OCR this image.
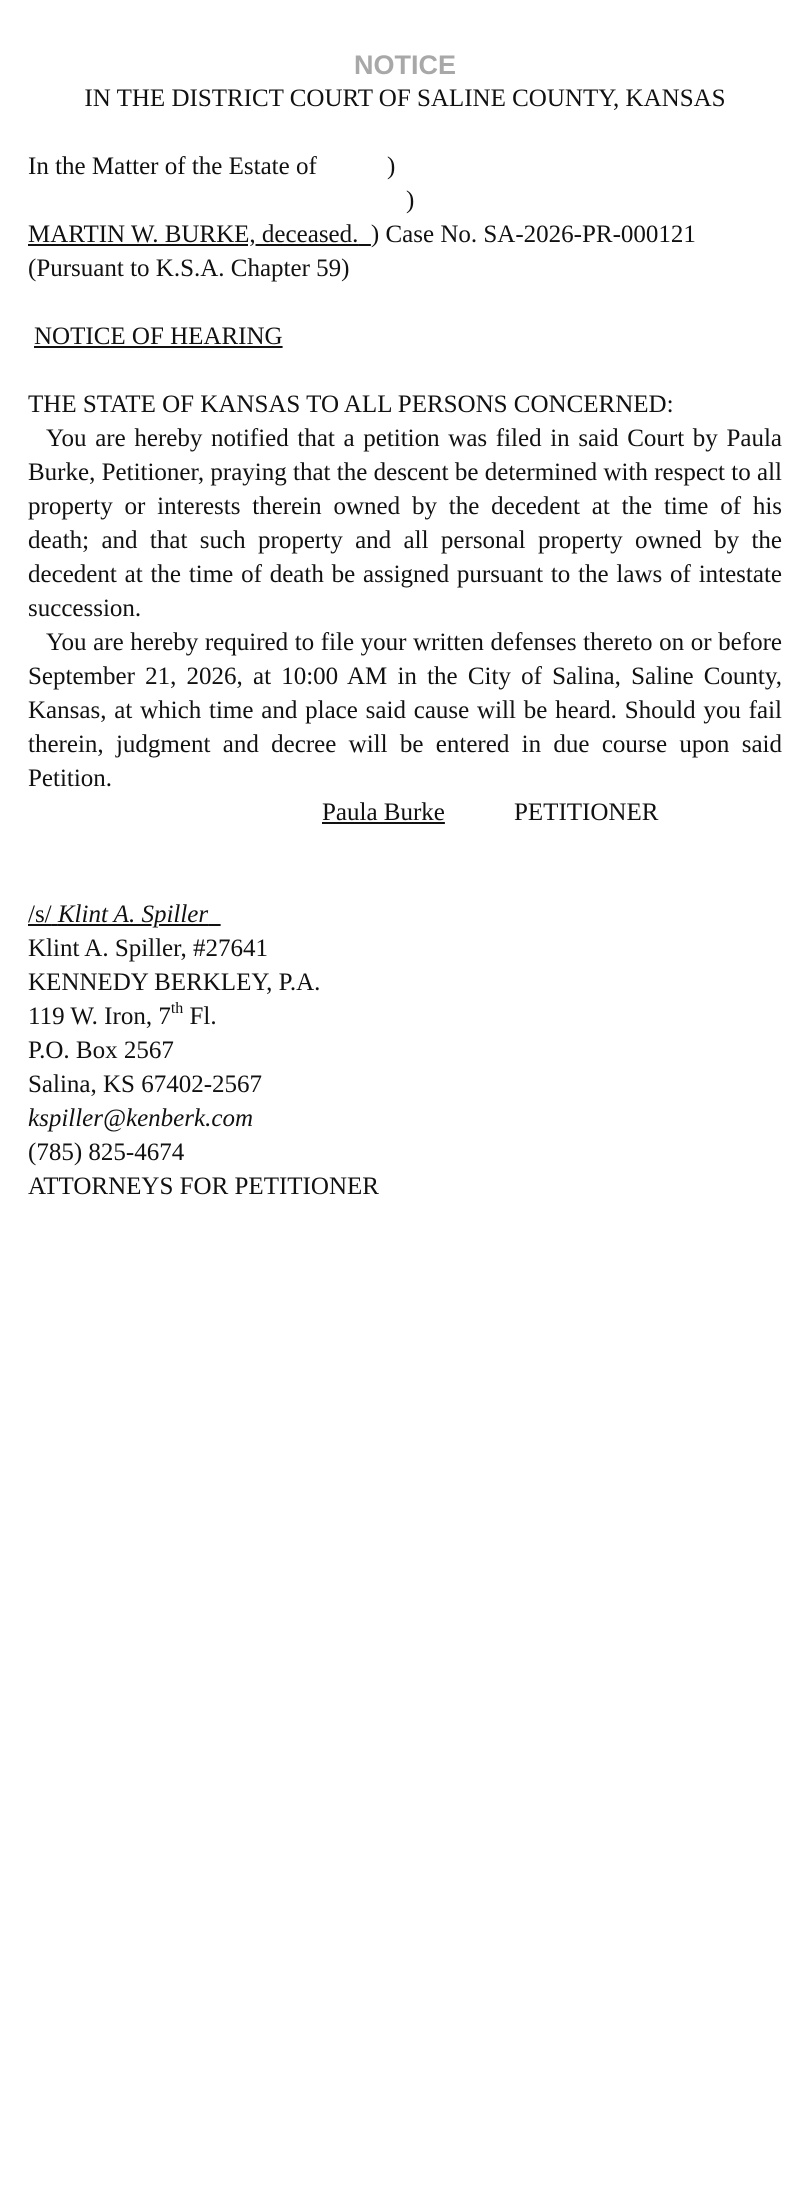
NOTICE
IN THE DISTRICT COURT OF SALINE COUNTY, KANSAS
In the Matter of the Estate of	)
)
MARTIN W. BURKE, deceased. ) Case No. SA-2026-PR-000121
(Pursuant to K.S.A. Chapter 59)
NOTICE OF HEARING
THE STATE OF KANSAS TO ALL PERSONS CONCERNED:
You are hereby notified that a petition was filed in said Court by Paula Burke, Petitioner, praying that the descent be determined with respect to all property or interests therein owned by the decedent at the time of his death; and that such property and all personal property owned by the decedent at the time of death be assigned pursuant to the laws of intestate succession.
You are hereby required to file your written defenses thereto on or before September 21, 2026, at 10:00 AM in the City of Salina, Saline County, Kansas, at which time and place said cause will be heard. Should you fail therein, judgment and decree will be entered in due course upon said Petition.
Paula Burke	PETITIONER
/s/ Klint A. Spiller
Klint A. Spiller, #27641
KENNEDY BERKLEY, P.A.
119 W. Iron, 7th Fl.
P.O. Box 2567
Salina, KS 67402-2567
kspiller@kenberk.com
(785) 825-4674
ATTORNEYS FOR PETITIONER
